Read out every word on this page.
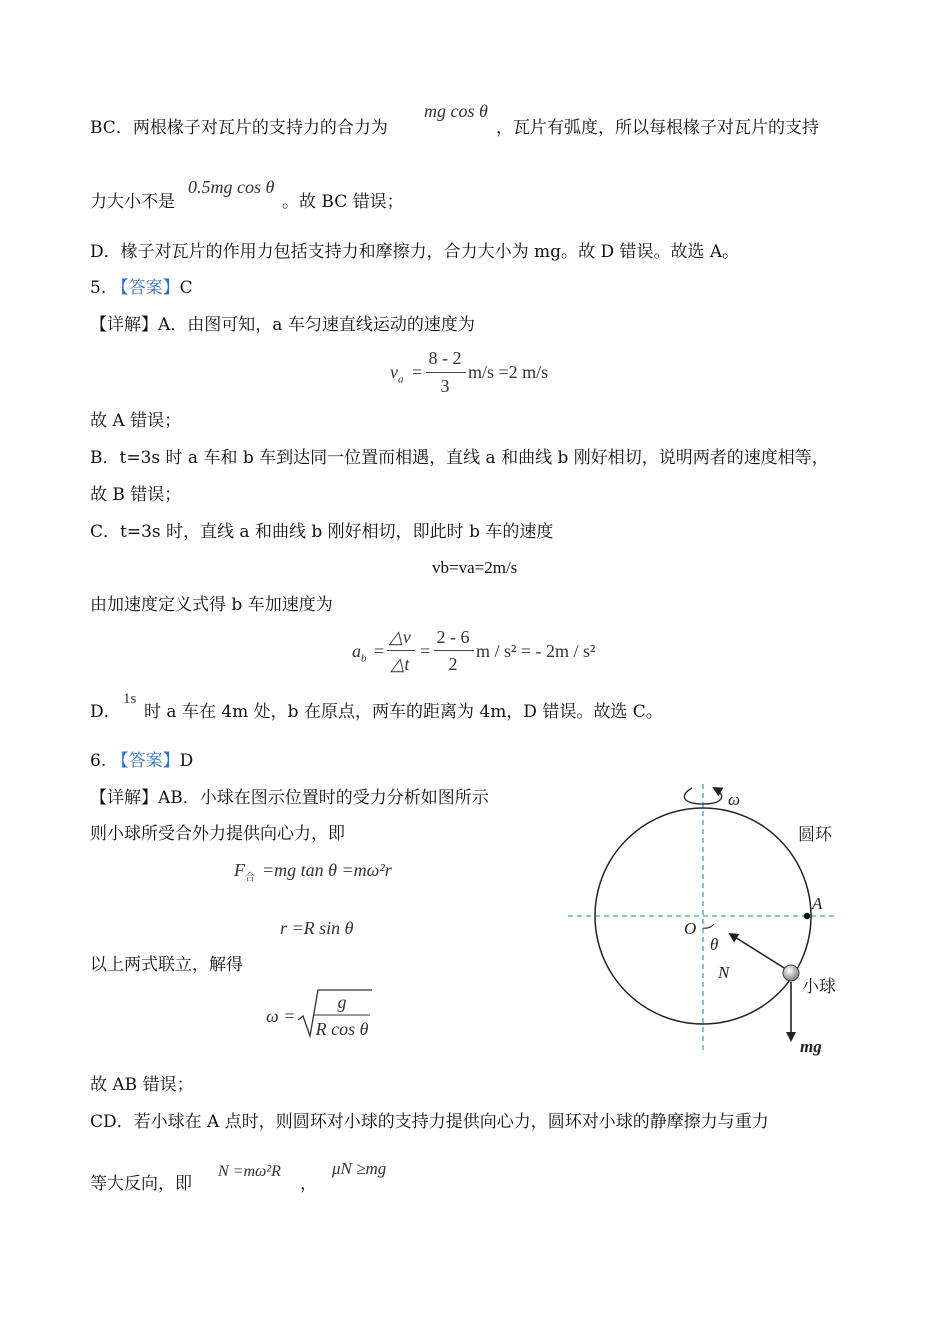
BC．两根椽子对瓦片的支持力的合力为
mg cos θ
，瓦片有弧度，所以每根椽子对瓦片的支持
力大小不是
0.5mg cos θ
。故 BC 错误；
D．椽子对瓦片的作用力包括支持力和摩擦力，合力大小为 mg。故 D 错误。故选 A。
5. 【答案】C
【详解】A．由图可知，a 车匀速直线运动的速度为
$v_a$ =
8 - 2
3
m/s =2 m/s
故 A 错误；
B．t=3s 时 a 车和 b 车到达同一位置而相遇，直线 a 和曲线 b 刚好相切，说明两者的速度相等，
故 B 错误；
C．t=3s 时，直线 a 和曲线 b 刚好相切，即此时 b 车的速度
vb=va=2m/s
由加速度定义式得 b 车加速度为
$a_b$ =
△v
△t
=
2 - 6
2
m / s² = - 2m / s²
D．
1s
时 a 车在 4m 处，b 在原点，两车的距离为 4m，D 错误。故选 C。
6. 【答案】D
【详解】AB．小球在图示位置时的受力分析如图所示
则小球所受合外力提供向心力，即
$F_合 =mg$ tan θ =mω²r
r =R sin θ
以上两式联立，解得
ω =
g
R cos θ
故 AB 错误；
CD．若小球在 A 点时，则圆环对小球的支持力提供向心力，圆环对小球的静摩擦力与重力
等大反向，即
N =mω²R
，
μN ≥mg
ω
圆环
A
O
θ
N
小球
mg
